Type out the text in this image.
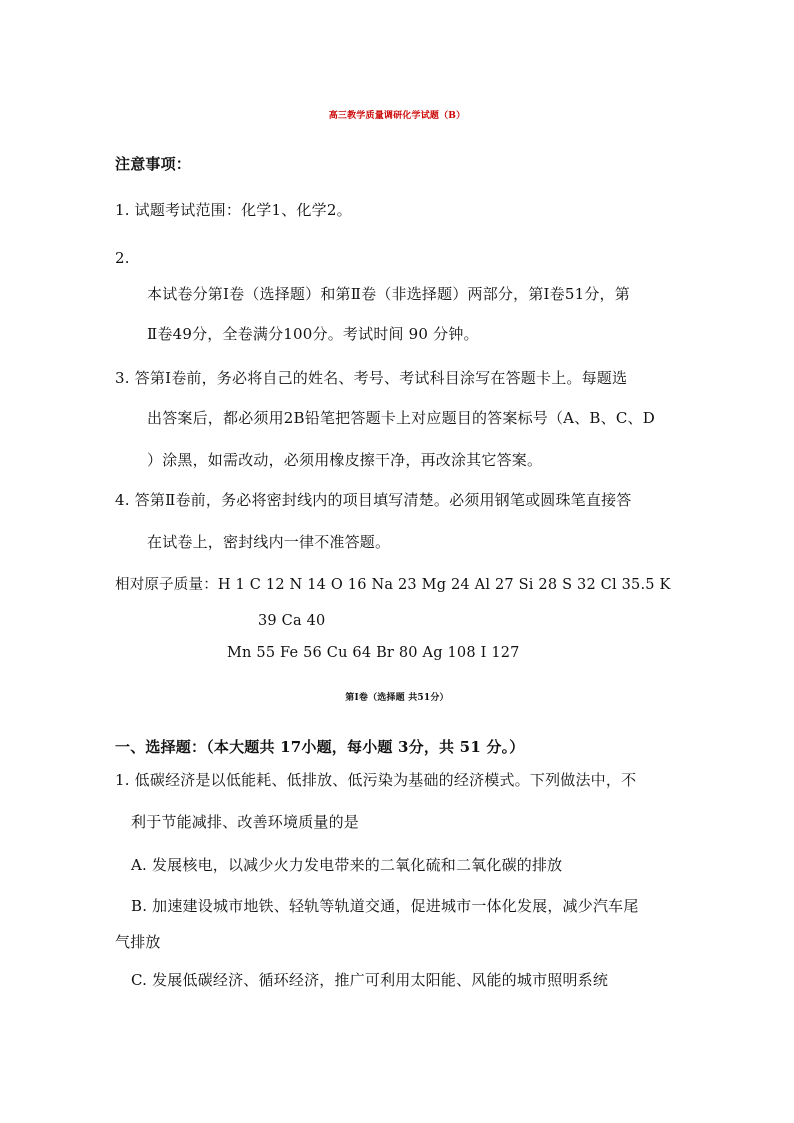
高三教学质量调研化学试题（B）
注意事项：
1. 试题考试范围：化学1、化学2。
2.
本试卷分第Ⅰ卷（选择题）和第Ⅱ卷（非选择题）两部分，第Ⅰ卷51分，第
Ⅱ卷49分，全卷满分100分。考试时间 90 分钟。
3. 答第Ⅰ卷前，务必将自己的姓名、考号、考试科目涂写在答题卡上。每题选
出答案后，都必须用2B铅笔把答题卡上对应题目的答案标号（A、B、C、D
）涂黑，如需改动，必须用橡皮擦干净，再改涂其它答案。
4. 答第Ⅱ卷前，务必将密封线内的项目填写清楚。必须用钢笔或圆珠笔直接答
在试卷上，密封线内一律不准答题。
相对原子质量：H 1 C 12 N 14 O 16 Na 23 Mg 24 Al 27 Si 28 S 32 Cl 35.5 K
39 Ca 40
Mn 55 Fe 56 Cu 64 Br 80 Ag 108 I 127
第Ⅰ卷（选择题 共51分）
一、选择题：（本大题共 17小题，每小题 3分，共 51 分。）
1. 低碳经济是以低能耗、低排放、低污染为基础的经济模式。下列做法中，不
利于节能减排、改善环境质量的是
A. 发展核电，以减少火力发电带来的二氧化硫和二氧化碳的排放
B. 加速建设城市地铁、轻轨等轨道交通，促进城市一体化发展，减少汽车尾
气排放
C. 发展低碳经济、循环经济，推广可利用太阳能、风能的城市照明系统
